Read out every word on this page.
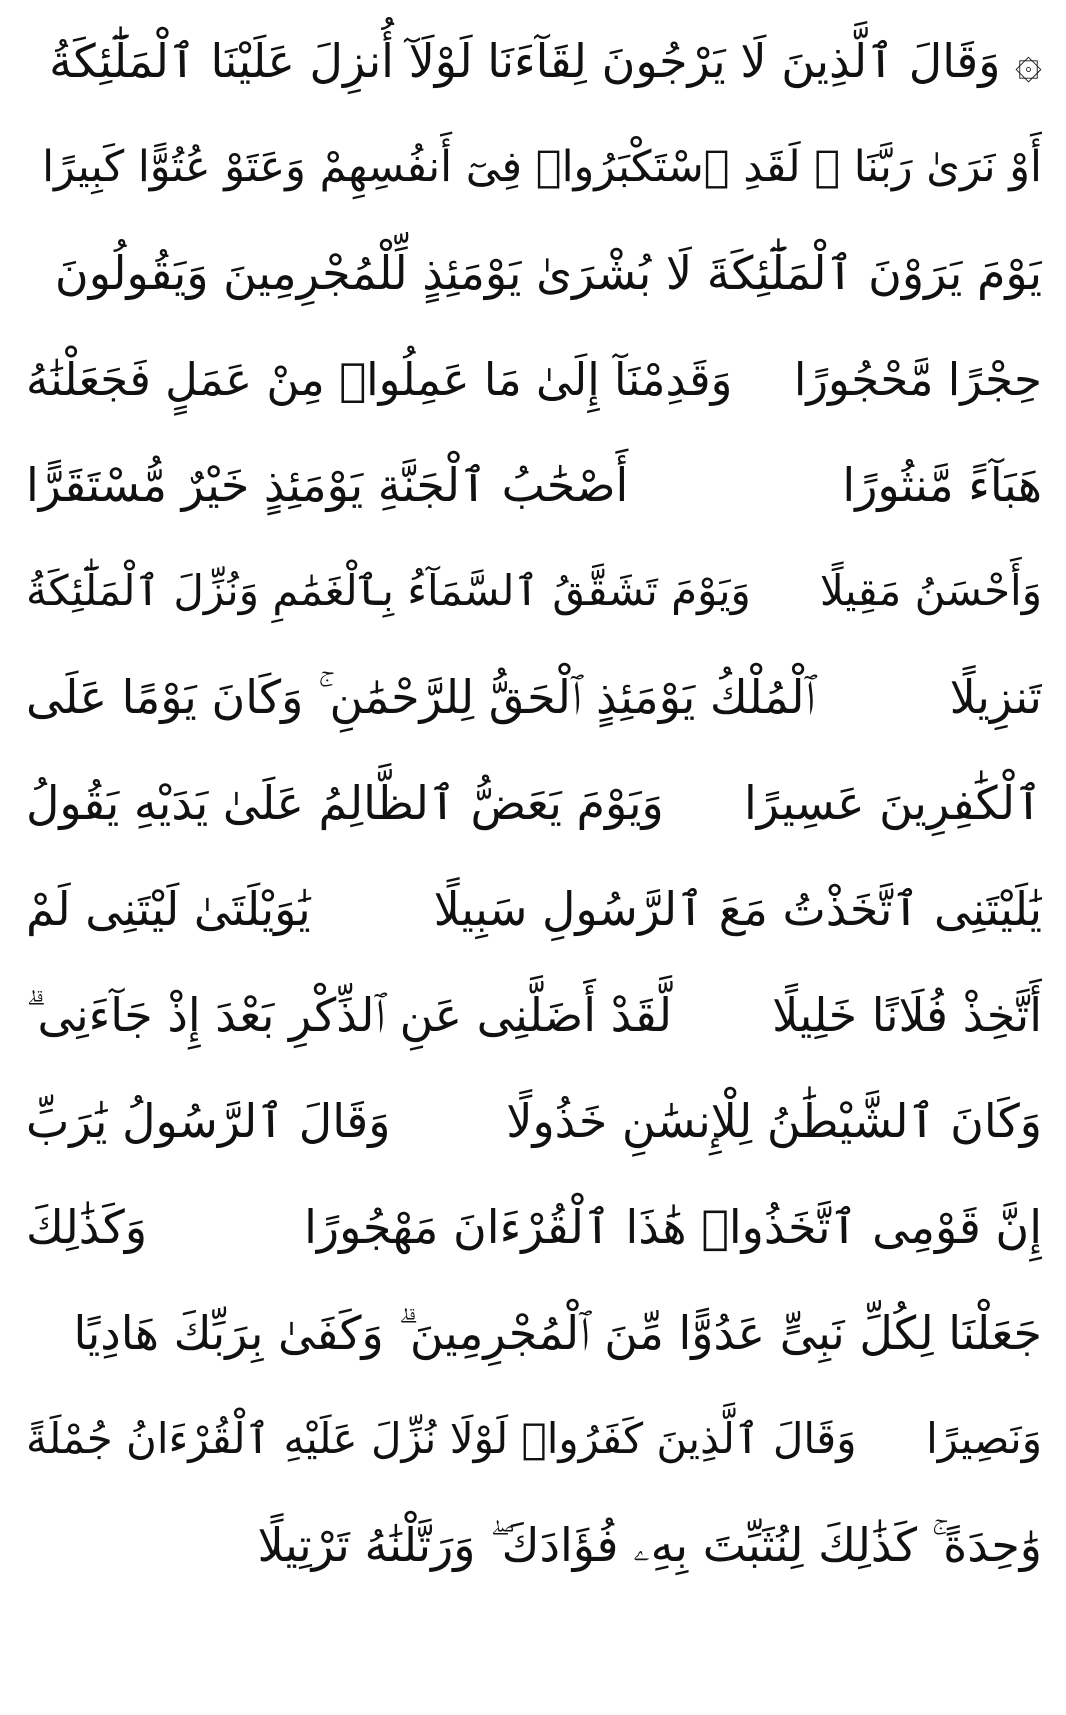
۞ وَقَالَ ٱلَّذِينَ لَا يَرْجُونَ لِقَآءَنَا لَوْلَآ أُنزِلَ عَلَيْنَا ٱلْمَلَٰٓئِكَةُ
أَوْ نَرَىٰ رَبَّنَا ۗ لَقَدِ ٱسْتَكْبَرُوا۟ فِىٓ أَنفُسِهِمْ وَعَتَوْ عُتُوًّا كَبِيرًا
يَوْمَ يَرَوْنَ ٱلْمَلَٰٓئِكَةَ لَا بُشْرَىٰ يَوْمَئِذٍ لِّلْمُجْرِمِينَ وَيَقُولُونَ
حِجْرًا مَّحْجُورًا
وَقَدِمْنَآ إِلَىٰ مَا عَمِلُوا۟ مِنْ عَمَلٍ فَجَعَلْنَٰهُ
هَبَآءً مَّنثُورًا
أَصْحَٰبُ ٱلْجَنَّةِ يَوْمَئِذٍ خَيْرٌ مُّسْتَقَرًّا
وَأَحْسَنُ مَقِيلًا
وَيَوْمَ تَشَقَّقُ ٱلسَّمَآءُ بِٱلْغَمَٰمِ وَنُزِّلَ ٱلْمَلَٰٓئِكَةُ
تَنزِيلًا
ٱلْمُلْكُ يَوْمَئِذٍ ٱلْحَقُّ لِلرَّحْمَٰنِ ۚ وَكَانَ يَوْمًا عَلَى
ٱلْكَٰفِرِينَ عَسِيرًا
وَيَوْمَ يَعَضُّ ٱلظَّالِمُ عَلَىٰ يَدَيْهِ يَقُولُ
يَٰلَيْتَنِى ٱتَّخَذْتُ مَعَ ٱلرَّسُولِ سَبِيلًا
يَٰوَيْلَتَىٰ لَيْتَنِى لَمْ
أَتَّخِذْ فُلَانًا خَلِيلًا
لَّقَدْ أَضَلَّنِى عَنِ ٱلذِّكْرِ بَعْدَ إِذْ جَآءَنِى ۗ
وَكَانَ ٱلشَّيْطَٰنُ لِلْإِنسَٰنِ خَذُولًا
وَقَالَ ٱلرَّسُولُ يَٰرَبِّ
إِنَّ قَوْمِى ٱتَّخَذُوا۟ هَٰذَا ٱلْقُرْءَانَ مَهْجُورًا
وَكَذَٰلِكَ
جَعَلْنَا لِكُلِّ نَبِىٍّ عَدُوًّا مِّنَ ٱلْمُجْرِمِينَ ۗ وَكَفَىٰ بِرَبِّكَ هَادِيًا
وَنَصِيرًا
وَقَالَ ٱلَّذِينَ كَفَرُوا۟ لَوْلَا نُزِّلَ عَلَيْهِ ٱلْقُرْءَانُ جُمْلَةً
وَٰحِدَةً ۚ كَذَٰلِكَ لِنُثَبِّتَ بِهِۦ فُؤَادَكَ ۖ وَرَتَّلْنَٰهُ تَرْتِيلًا
